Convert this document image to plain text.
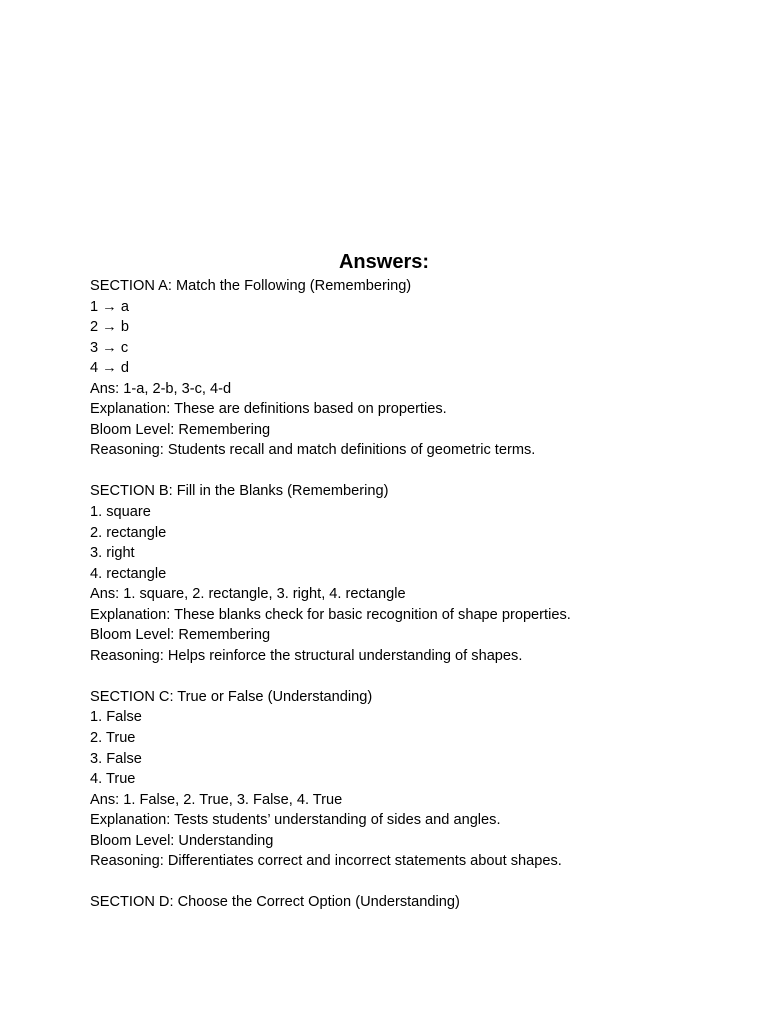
Answers:
SECTION A: Match the Following (Remembering)
1 → a
2 → b
3 → c
4 → d
Ans: 1-a, 2-b, 3-c, 4-d
Explanation: These are definitions based on properties.
Bloom Level: Remembering
Reasoning: Students recall and match definitions of geometric terms.
SECTION B: Fill in the Blanks (Remembering)
1. square
2. rectangle
3. right
4. rectangle
Ans: 1. square, 2. rectangle, 3. right, 4. rectangle
Explanation: These blanks check for basic recognition of shape properties.
Bloom Level: Remembering
Reasoning: Helps reinforce the structural understanding of shapes.
SECTION C: True or False (Understanding)
1. False
2. True
3. False
4. True
Ans: 1. False, 2. True, 3. False, 4. True
Explanation: Tests students’ understanding of sides and angles.
Bloom Level: Understanding
Reasoning: Differentiates correct and incorrect statements about shapes.
SECTION D: Choose the Correct Option (Understanding)
